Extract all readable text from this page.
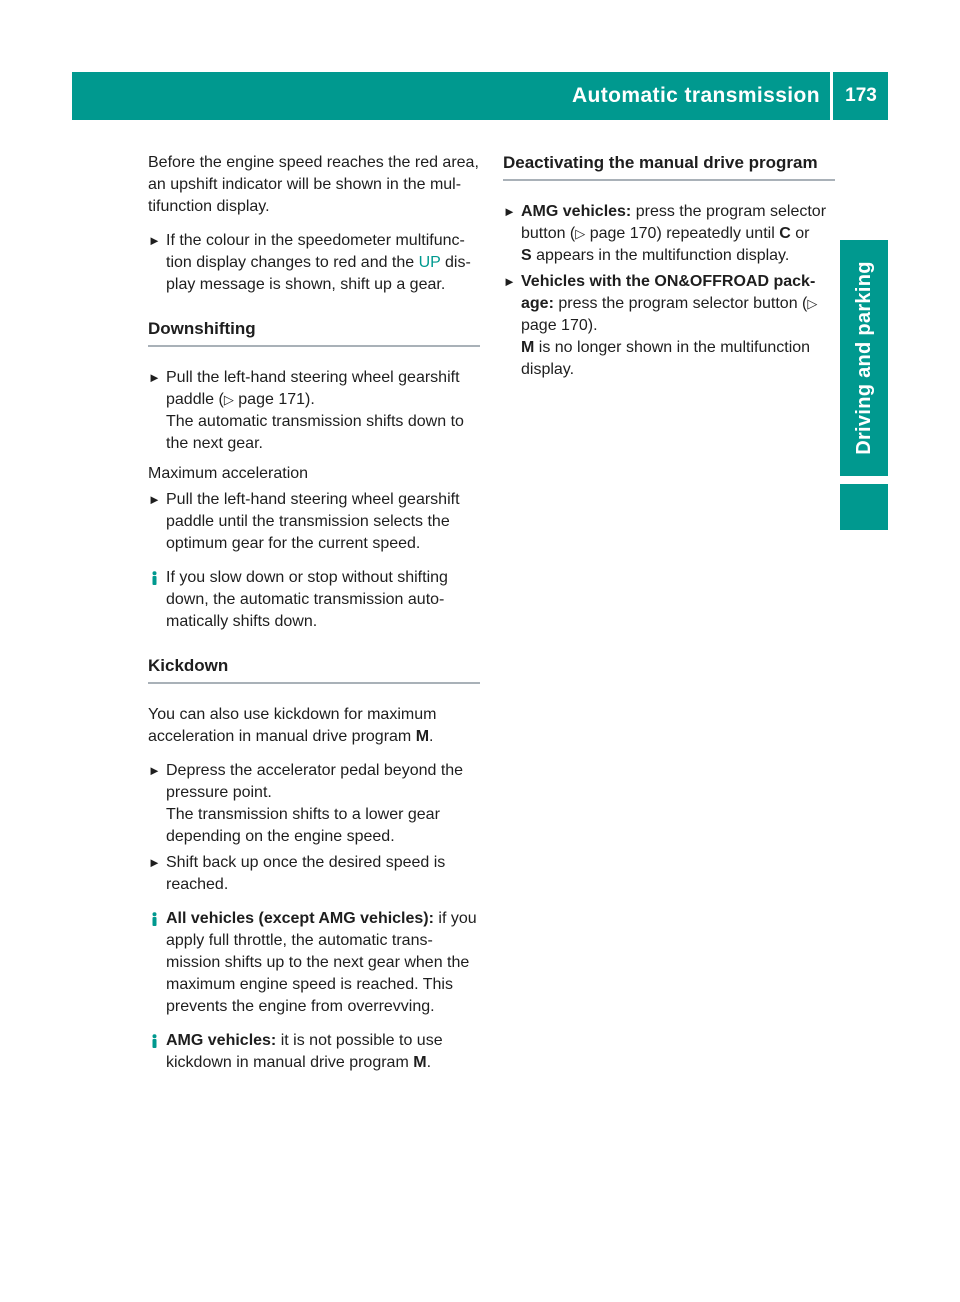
Automatic transmission	173
Driving and parking

Before the engine speed reaches the red area, an upshift indicator will be shown in the mul- tifunction display.

► If the colour in the speedometer multifunc- tion display changes to red and the UP dis- play message is shown, shift up a gear.
Downshifting
► Pull the left-hand steering wheel gearshift paddle (▷ page 171).
The automatic transmission shifts down to the next gear.

Maximum acceleration

► Pull the left-hand steering wheel gearshift paddle until the transmission selects the optimum gear for the current speed.
If you slow down or stop without shifting down, the automatic transmission auto- matically shifts down.
Kickdown

You can also use kickdown for maximum acceleration in manual drive program M.

► Depress the accelerator pedal beyond the pressure point.
The transmission shifts to a lower gear depending on the engine speed.
► Shift back up once the desired speed is reached.
All vehicles (except AMG vehicles): if you apply full throttle, the automatic trans- mission shifts up to the next gear when the maximum engine speed is reached. This prevents the engine from overrevving.
AMG vehicles: it is not possible to use kickdown in manual drive program M.
Deactivating the manual drive program
► AMG vehicles: press the program selector button (▷ page 170) repeatedly until C or
S appears in the multifunction display.
► Vehicles with the ON&OFFROAD pack- age: press the program selector button (▷ page 170).
M is no longer shown in the multifunction display.
